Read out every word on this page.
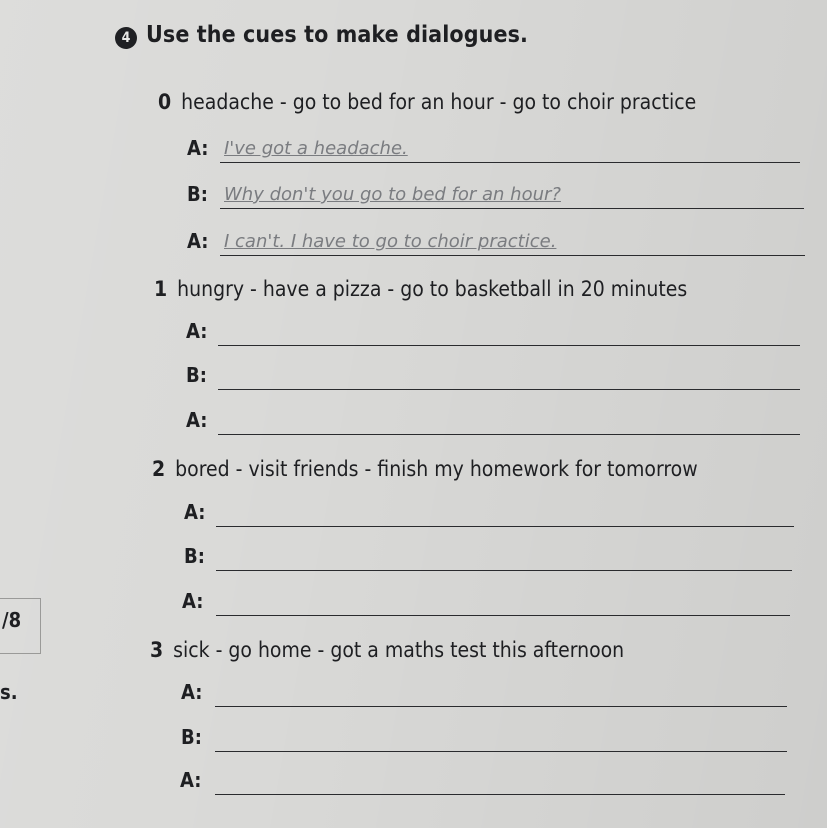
4 Use the cues to make dialogues.
0 headache - go to bed for an hour - go to choir practice
A: I've got a headache.
B: Why don't you go to bed for an hour?
A: I can't. I have to go to choir practice.
1 hungry - have a pizza - go to basketball in 20 minutes
A:
B:
A:
2 bored - visit friends - finish my homework for tomorrow
A:
B:
A:
3 sick - go home - got a maths test this afternoon
A:
B:
A:
/8
s.
